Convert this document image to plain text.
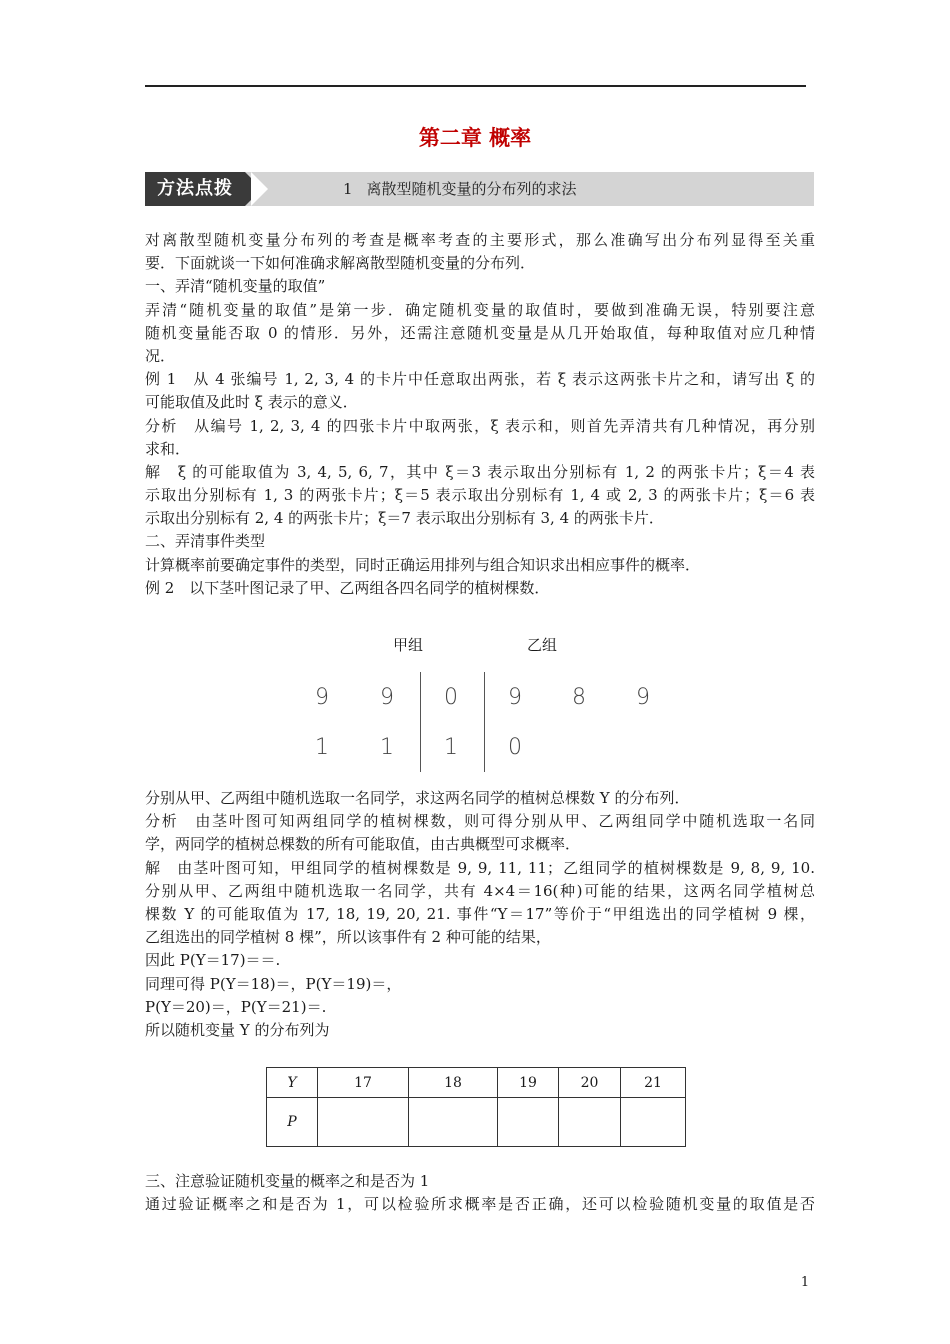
第二章 概率
方法点拨	1 离散型随机变量的分布列的求法
对离散型随机变量分布列的考查是概率考查的主要形式，那么准确写出分布列显得至关重
要．下面就谈一下如何准确求解离散型随机变量的分布列．
一、弄清“随机变量的取值”
弄清“随机变量的取值”是第一步．确定随机变量的取值时，要做到准确无误，特别要注意
随机变量能否取 0 的情形．另外，还需注意随机变量是从几开始取值，每种取值对应几种情
况．
例 1　从 4 张编号 1, 2, 3, 4 的卡片中任意取出两张，若 ξ 表示这两张卡片之和，请写出 ξ 的
可能取值及此时 ξ 表示的意义．
分析　从编号 1, 2, 3, 4 的四张卡片中取两张，ξ 表示和，则首先弄清共有几种情况，再分别
求和．
解　ξ 的可能取值为 3, 4, 5, 6, 7，其中 ξ＝3 表示取出分别标有 1, 2 的两张卡片；ξ＝4 表
示取出分别标有 1, 3 的两张卡片；ξ＝5 表示取出分别标有 1, 4 或 2, 3 的两张卡片；ξ＝6 表
示取出分别标有 2, 4 的两张卡片；ξ＝7 表示取出分别标有 3, 4 的两张卡片．
二、弄清事件类型
计算概率前要确定事件的类型，同时正确运用排列与组合知识求出相应事件的概率．
例 2　以下茎叶图记录了甲、乙两组各四名同学的植树棵数．
甲组	乙组
9	9	0	9	8	9
1	1	1	0
分别从甲、乙两组中随机选取一名同学，求这两名同学的植树总棵数 Y 的分布列．
分析　由茎叶图可知两组同学的植树棵数，则可得分别从甲、乙两组同学中随机选取一名同
学，两同学的植树总棵数的所有可能取值，由古典概型可求概率．
解　由茎叶图可知，甲组同学的植树棵数是 9, 9, 11, 11；乙组同学的植树棵数是 9, 8, 9, 10.
分别从甲、乙两组中随机选取一名同学，共有 4×4＝16(种)可能的结果，这两名同学植树总
棵数 Y 的可能取值为 17, 18, 19, 20, 21. 事件“Y＝17”等价于“甲组选出的同学植树 9 棵，
乙组选出的同学植树 8 棵”，所以该事件有 2 种可能的结果，
因此 P(Y＝17)＝＝.
同理可得 P(Y＝18)＝，P(Y＝19)＝，
P(Y＝20)＝，P(Y＝21)＝.
所以随机变量 Y 的分布列为
Y	17	18	19	20	21
P					
三、注意验证随机变量的概率之和是否为 1
通过验证概率之和是否为 1，可以检验所求概率是否正确，还可以检验随机变量的取值是否
1
